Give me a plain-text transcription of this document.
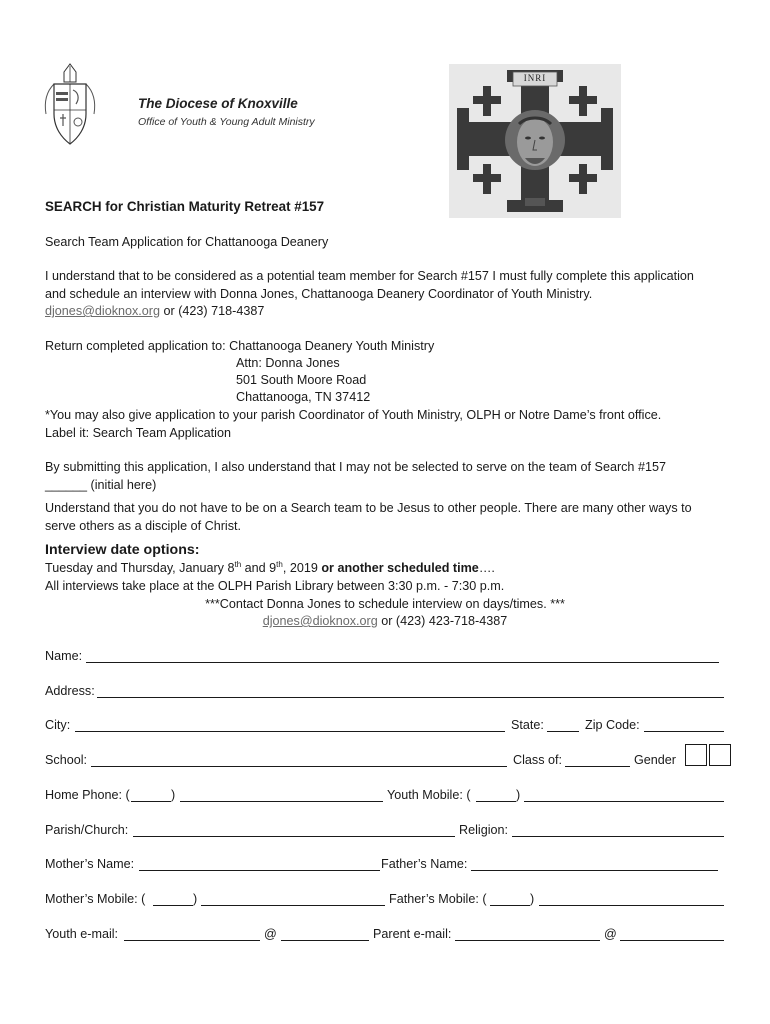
The Diocese of Knoxville
Office of Youth & Young Adult Ministry
INRI
SEARCH for Christian Maturity Retreat #157
Search Team Application for Chattanooga Deanery
I understand that to be considered as a potential team member for Search #157 I must fully complete this application
and schedule an interview with Donna Jones, Chattanooga Deanery Coordinator of Youth Ministry.
djones@dioknox.org or (423) 718-4387
Return completed application to: Chattanooga Deanery Youth Ministry
Attn: Donna Jones
501 South Moore Road
Chattanooga, TN 37412
*You may also give application to your parish Coordinator of Youth Ministry, OLPH or Notre Dame’s front office.
Label it: Search Team Application
By submitting this application, I also understand that I may not be selected to serve on the team of Search #157
______ (initial here)
Understand that you do not have to be on a Search team to be Jesus to other people. There are many other ways to
serve others as a disciple of Christ.
Interview date options:
Tuesday and Thursday, January 8th and 9th, 2019 or another scheduled time….
All interviews take place at the OLPH Parish Library between 3:30 p.m. - 7:30 p.m.
***Contact Donna Jones to schedule interview on days/times. ***
djones@dioknox.org or (423) 423-718-4387
Name:
Address:
City:	State:	Zip Code:
School:	Class of:	Gender
Home Phone: (	)	Youth Mobile: (	)
Parish/Church:	Religion:
Mother’s Name:	Father’s Name:
Mother’s Mobile: (	)	Father’s Mobile: (	)
Youth e-mail:	@	Parent e-mail:	@
